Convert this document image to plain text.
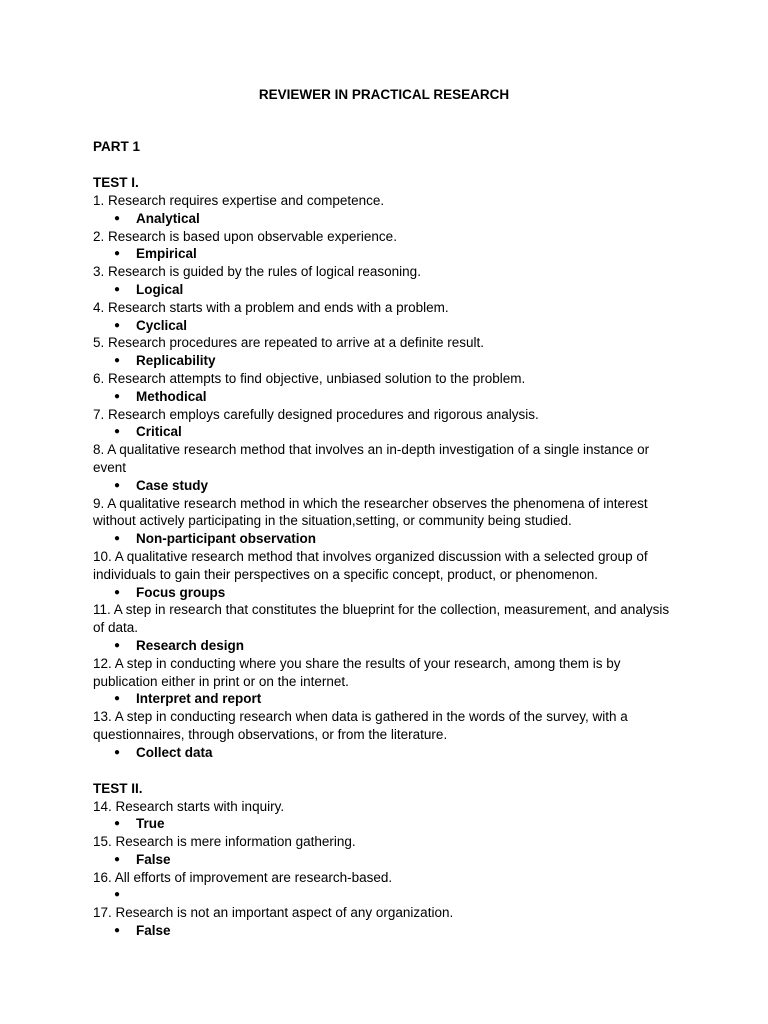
REVIEWER IN PRACTICAL RESEARCH
PART 1
TEST I.
1. Research requires expertise and competence.
●	Analytical
2. Research is based upon observable experience.
●	Empirical
3. Research is guided by the rules of logical reasoning.
●	Logical
4. Research starts with a problem and ends with a problem.
●	Cyclical
5. Research procedures are repeated to arrive at a definite result.
●	Replicability
6. Research attempts to find objective, unbiased solution to the problem.
●	Methodical
7. Research employs carefully designed procedures and rigorous analysis.
●	Critical
8. A qualitative research method that involves an in-depth investigation of a single instance or event
●	Case study
9. A qualitative research method in which the researcher observes the phenomena of interest without actively participating in the situation,setting, or community being studied.
●	Non-participant observation
10. A qualitative research method that involves organized discussion with a selected group of individuals to gain their perspectives on a specific concept, product, or phenomenon.
●	Focus groups
11. A step in research that constitutes the blueprint for the collection, measurement, and analysis of data.
●	Research design
12. A step in conducting where you share the results of your research, among them is by publication either in print or on the internet.
●	Interpret and report
13. A step in conducting research when data is gathered in the words of the survey, with a questionnaires, through observations, or from the literature.
●	Collect data
TEST II.
14. Research starts with inquiry.
●	True
15. Research is mere information gathering.
●	False
16. All efforts of improvement are research-based.
●
17. Research is not an important aspect of any organization.
●	False
